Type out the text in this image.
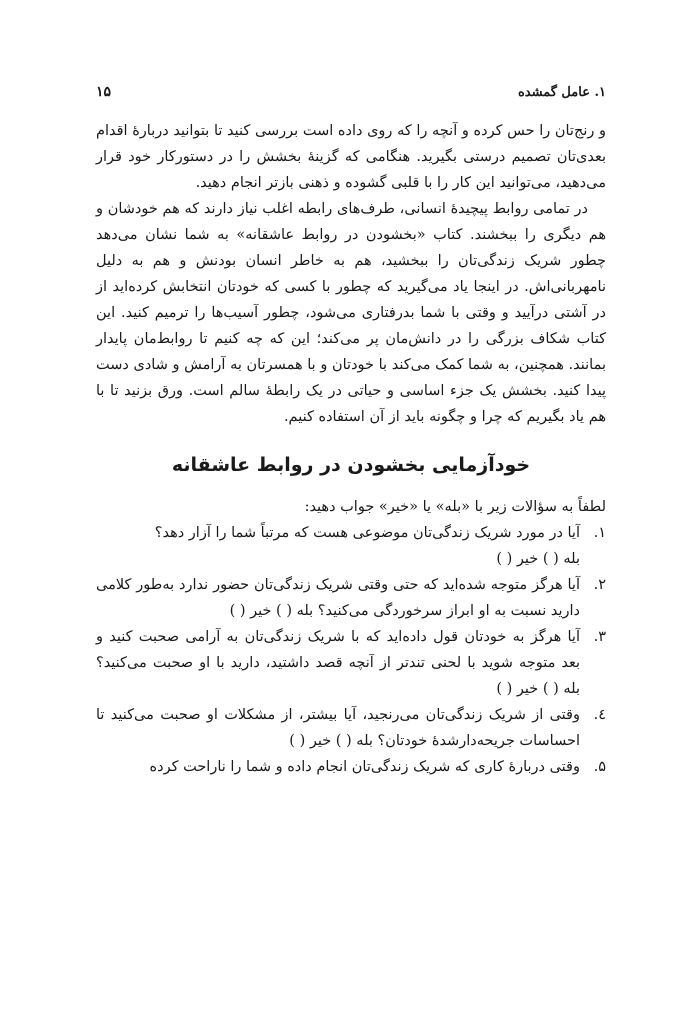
۱. عامل گمشده
۱۵

و رنج‌تان را حس کرده و آنچه را که روی داده است بررسی کنید تا بتوانید دربارهٔ اقدام بعدی‌تان تصمیم درستی بگیرید. هنگامی که گزینهٔ بخشش را در دستورکار خود قرار می‌دهید، می‌توانید این کار را با قلبی گشوده و ذهنی بازتر انجام دهید.

در تمامی روابط پیچیدهٔ انسانی، طرف‌های رابطه اغلب نیاز دارند که هم خودشان و هم دیگری را ببخشند. کتاب «بخشودن در روابط عاشقانه» به شما نشان می‌دهد چطور شریک زندگی‌تان را ببخشید، هم به خاطر انسان بودنش و هم به دلیل نامهربانی‌اش. در اینجا یاد می‌گیرید که چطور با کسی که خودتان انتخابش کرده‌اید از در آشتی درآیید و وقتی با شما بدرفتاری می‌شود، چطور آسیب‌ها را ترمیم کنید. این کتاب شکاف بزرگی را در دانش‌مان پر می‌کند؛ این که چه کنیم تا روابط‌مان پایدار بمانند. همچنین، به شما کمک می‌کند با خودتان و با همسرتان به آرامش و شادی دست پیدا کنید. بخشش یک جزء اساسی و حیاتی در یک رابطهٔ سالم است. ورق بزنید تا با هم یاد بگیریم که چرا و چگونه باید از آن استفاده کنیم.

خودآزمایی بخشودن در روابط عاشقانه

لطفاً به سؤالات زیر با «بله» یا «خیر» جواب دهید:

۱.

آیا در مورد شریک زندگی‌تان موضوعی هست که مرتباً شما را آزار دهد؟

بله ( ) خیر ( )

۲.

آیا هرگز متوجه شده‌اید که حتی وقتی شریک زندگی‌تان حضور ندارد به‌طور کلامی دارید نسبت به او ابراز سرخوردگی می‌کنید؟ بله ( ) خیر ( )

۳.

آیا هرگز به خودتان قول داده‌اید که با شریک زندگی‌تان به آرامی صحبت کنید و بعد متوجه شوید با لحنی تندتر از آنچه قصد داشتید، دارید با او صحبت می‌کنید؟ بله ( ) خیر ( )

٤.

وقتی از شریک زندگی‌تان می‌رنجید، آیا بیشتر، از مشکلات او صحبت می‌کنید تا احساسات جریحه‌دارشدهٔ خودتان؟ بله ( ) خیر ( )

۵.

وقتی دربارهٔ کاری که شریک زندگی‌تان انجام داده و شما را ناراحت کرده
